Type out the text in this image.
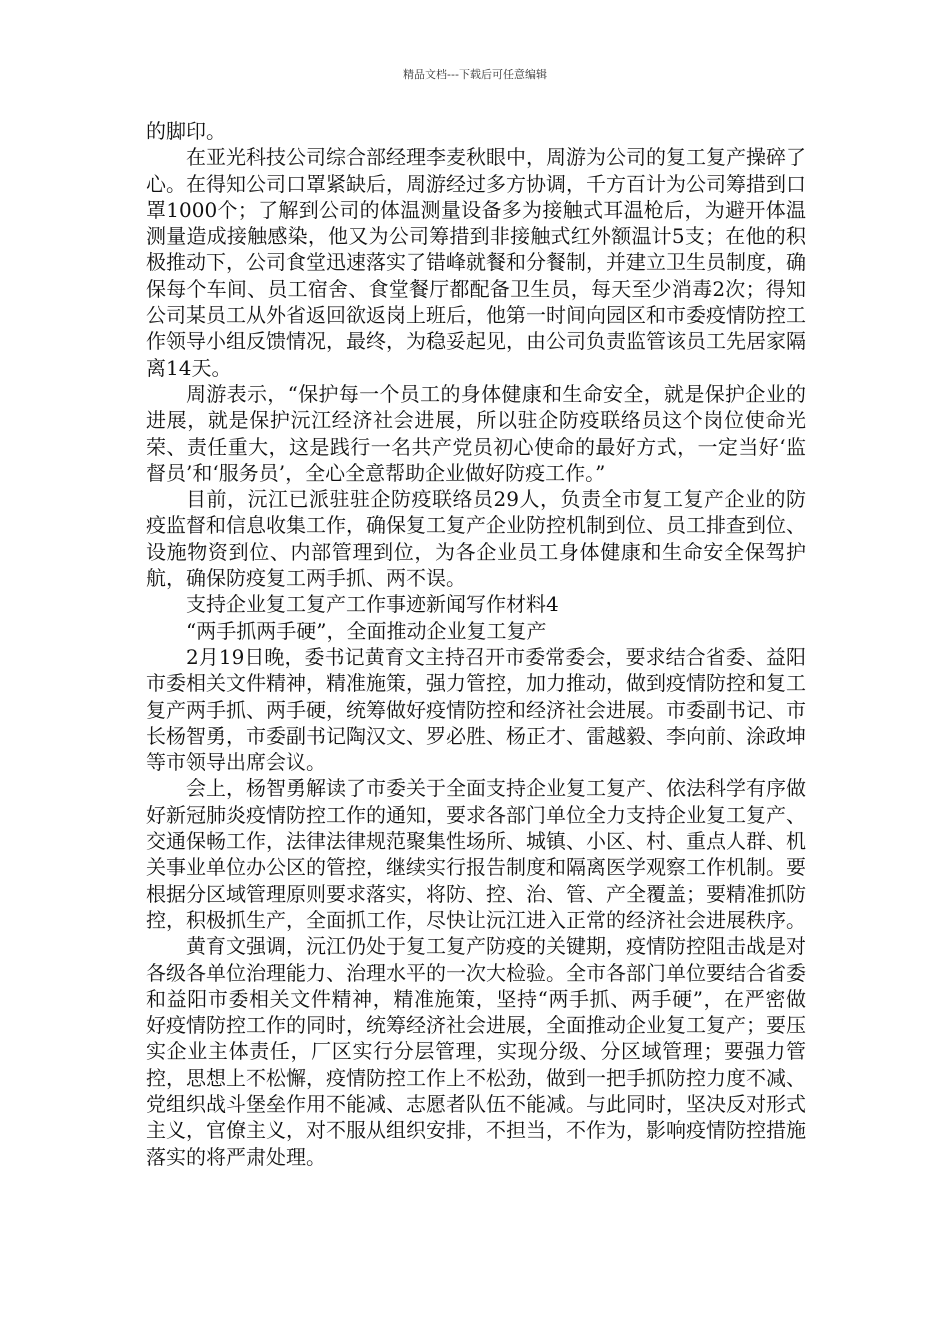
精品文档---下载后可任意编辑

的脚印。

在亚光科技公司综合部经理李麦秋眼中，周游为公司的复工复产操碎了心。在得知公司口罩紧缺后，周游经过多方协调，千方百计为公司筹措到口罩1000个；了解到公司的体温测量设备多为接触式耳温枪后，为避开体温测量造成接触感染，他又为公司筹措到非接触式红外额温计5支；在他的积极推动下，公司食堂迅速落实了错峰就餐和分餐制，并建立卫生员制度，确保每个车间、员工宿舍、食堂餐厅都配备卫生员，每天至少消毒2次；得知公司某员工从外省返回欲返岗上班后，他第一时间向园区和市委疫情防控工作领导小组反馈情况，最终，为稳妥起见，由公司负责监管该员工先居家隔离14天。

周游表示，“保护每一个员工的身体健康和生命安全，就是保护企业的进展，就是保护沅江经济社会进展，所以驻企防疫联络员这个岗位使命光荣、责任重大，这是践行一名共产党员初心使命的最好方式，一定当好‘监督员’和‘服务员’，全心全意帮助企业做好防疫工作。”

目前，沅江已派驻驻企防疫联络员29人，负责全市复工复产企业的防疫监督和信息收集工作，确保复工复产企业防控机制到位、员工排查到位、设施物资到位、内部管理到位，为各企业员工身体健康和生命安全保驾护航，确保防疫复工两手抓、两不误。

支持企业复工复产工作事迹新闻写作材料4

“两手抓两手硬”，全面推动企业复工复产

2月19日晚，委书记黄育文主持召开市委常委会，要求结合省委、益阳市委相关文件精神，精准施策，强力管控，加力推动，做到疫情防控和复工复产两手抓、两手硬，统筹做好疫情防控和经济社会进展。市委副书记、市长杨智勇，市委副书记陶汉文、罗必胜、杨正才、雷越毅、李向前、涂政坤等市领导出席会议。

会上，杨智勇解读了市委关于全面支持企业复工复产、依法科学有序做好新冠肺炎疫情防控工作的通知，要求各部门单位全力支持企业复工复产、交通保畅工作，法律法律规范聚集性场所、城镇、小区、村、重点人群、机关事业单位办公区的管控，继续实行报告制度和隔离医学观察工作机制。要根据分区域管理原则要求落实，将防、控、治、管、产全覆盖；要精准抓防控，积极抓生产，全面抓工作，尽快让沅江进入正常的经济社会进展秩序。

黄育文强调，沅江仍处于复工复产防疫的关键期，疫情防控阻击战是对各级各单位治理能力、治理水平的一次大检验。全市各部门单位要结合省委和益阳市委相关文件精神，精准施策，坚持“两手抓、两手硬”，在严密做好疫情防控工作的同时，统筹经济社会进展，全面推动企业复工复产；要压实企业主体责任，厂区实行分层管理，实现分级、分区域管理；要强力管控，思想上不松懈，疫情防控工作上不松劲，做到一把手抓防控力度不减、党组织战斗堡垒作用不能减、志愿者队伍不能减。与此同时，坚决反对形式主义，官僚主义，对不服从组织安排，不担当，不作为，影响疫情防控措施落实的将严肃处理。
